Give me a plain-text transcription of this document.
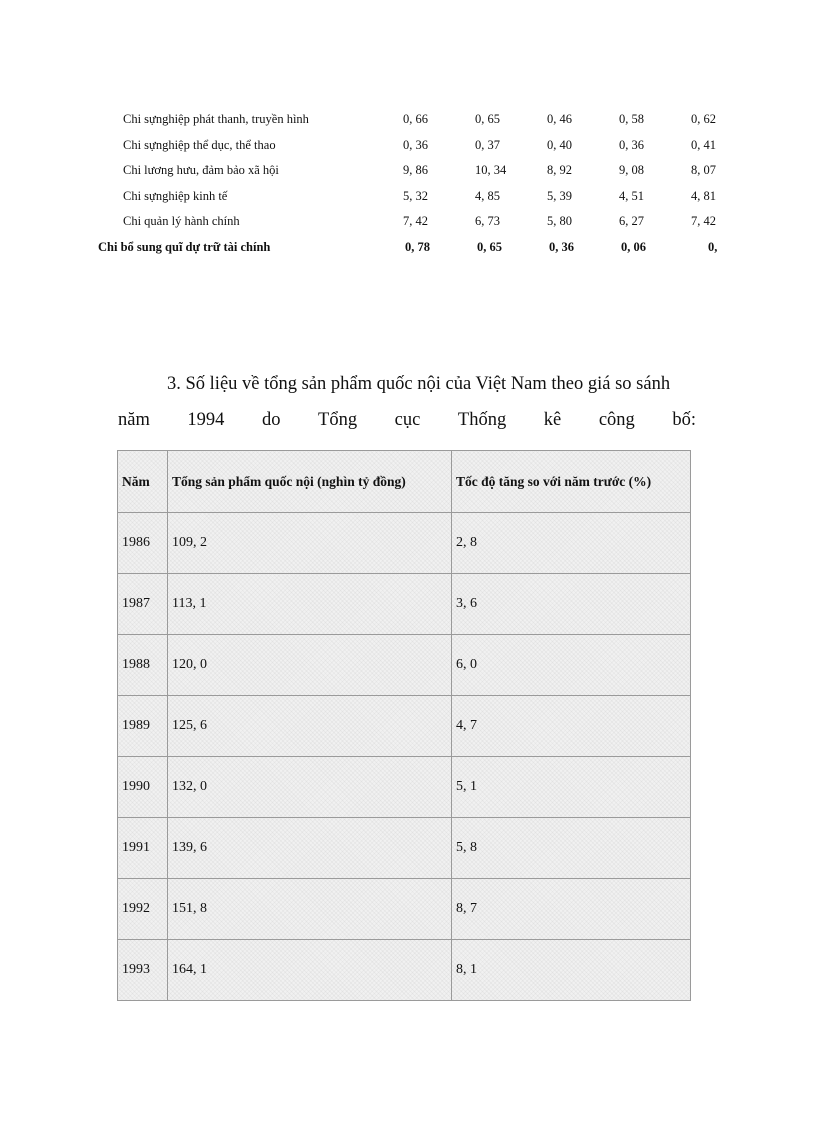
Chi sựnghiệp phát thanh, truyền hình	0, 66	0, 65	0, 46	0, 58	0, 62
Chi sựnghiệp thể dục, thể thao	0, 36	0, 37	0, 40	0, 36	0, 41
Chi lương hưu, đảm bảo xã hội	9, 86	10, 34	8, 92	9, 08	8, 07
Chi sựnghiệp kinh tế	5, 32	4, 85	5, 39	4, 51	4, 81
Chi quản lý hành chính	7, 42	6, 73	5, 80	6, 27	7, 42
Chi bổ sung quĩ dự trữ tài chính	0, 78	0, 65	0, 36	0, 06	0,
3. Số liệu về tổng sản phẩm quốc nội của Việt Nam theo giá so sánh
năm 1994 do Tổng cục Thống kê công bố:
Năm	Tổng sản phẩm quốc nội (nghìn tỷ đồng)	Tốc độ tăng so với năm trước (%)
1986	109, 2	2, 8
1987	113, 1	3, 6
1988	120, 0	6, 0
1989	125, 6	4, 7
1990	132, 0	5, 1
1991	139, 6	5, 8
1992	151, 8	8, 7
1993	164, 1	8, 1
